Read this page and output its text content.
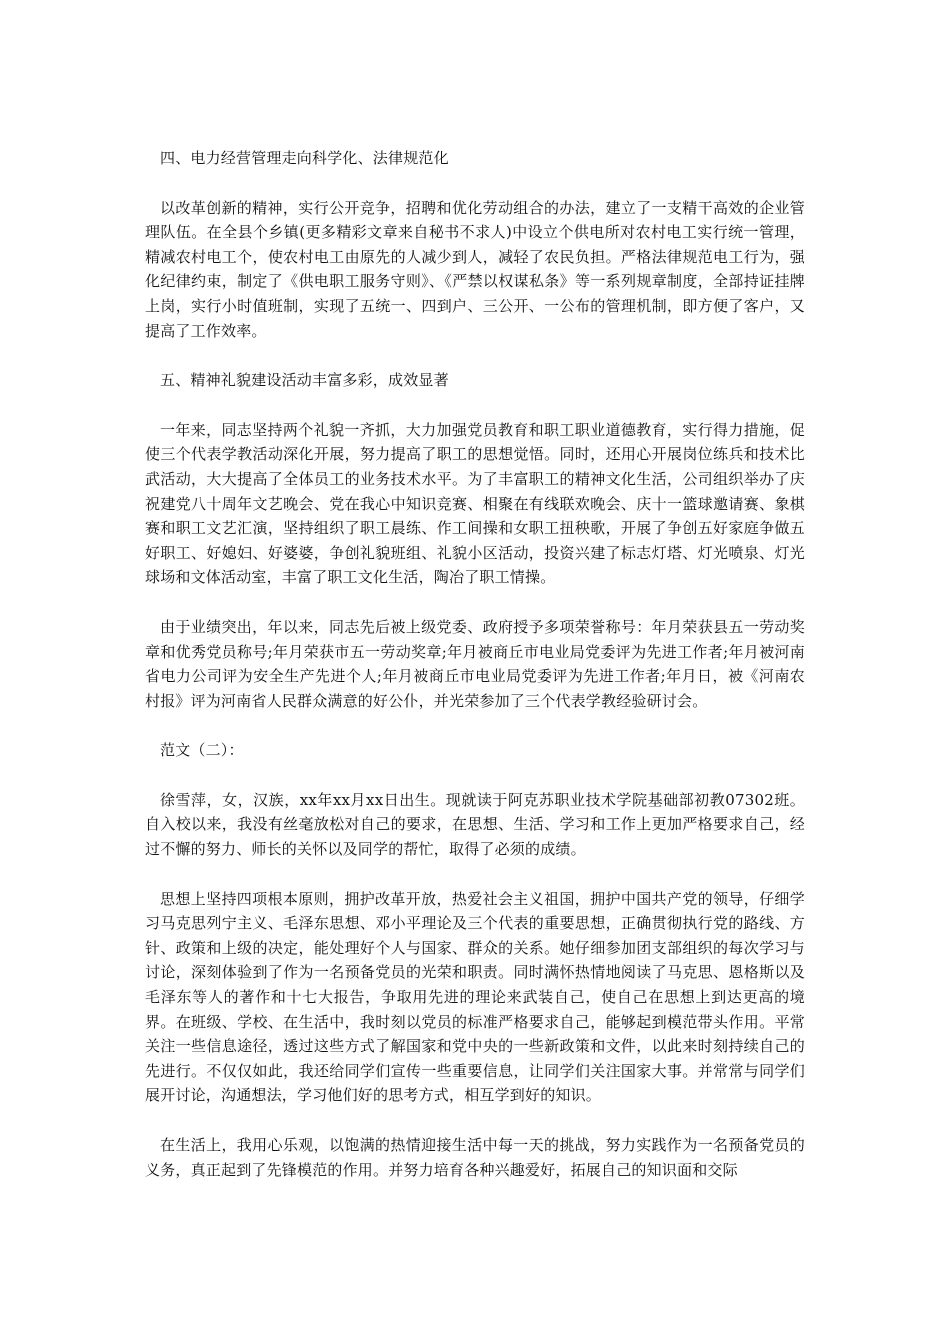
四、电力经营管理走向科学化、法律规范化

以改革创新的精神，实行公开竞争，招聘和优化劳动组合的办法，建立了一支精干高效的企业管理队伍。在全县个乡镇(更多精彩文章来自秘书不求人)中设立个供电所对农村电工实行统一管理，精减农村电工个，使农村电工由原先的人减少到人，减轻了农民负担。严格法律规范电工行为，强化纪律约束，制定了《供电职工服务守则》、《严禁以权谋私条》等一系列规章制度，全部持证挂牌上岗，实行小时值班制，实现了五统一、四到户、三公开、一公布的管理机制，即方便了客户，又提高了工作效率。

五、精神礼貌建设活动丰富多彩，成效显著

一年来，同志坚持两个礼貌一齐抓，大力加强党员教育和职工职业道德教育，实行得力措施，促使三个代表学教活动深化开展，努力提高了职工的思想觉悟。同时，还用心开展岗位练兵和技术比武活动，大大提高了全体员工的业务技术水平。为了丰富职工的精神文化生活，公司组织举办了庆祝建党八十周年文艺晚会、党在我心中知识竞赛、相聚在有线联欢晚会、庆十一篮球邀请赛、象棋赛和职工文艺汇演，坚持组织了职工晨练、作工间操和女职工扭秧歌，开展了争创五好家庭争做五好职工、好媳妇、好婆婆，争创礼貌班组、礼貌小区活动，投资兴建了标志灯塔、灯光喷泉、灯光球场和文体活动室，丰富了职工文化生活，陶冶了职工情操。

由于业绩突出，年以来，同志先后被上级党委、政府授予多项荣誉称号：年月荣获县五一劳动奖章和优秀党员称号;年月荣获市五一劳动奖章;年月被商丘市电业局党委评为先进工作者;年月被河南省电力公司评为安全生产先进个人;年月被商丘市电业局党委评为先进工作者;年月日，被《河南农村报》评为河南省人民群众满意的好公仆，并光荣参加了三个代表学教经验研讨会。

范文（二）：

徐雪萍，女，汉族，xx年xx月xx日出生。现就读于阿克苏职业技术学院基础部初教07302班。自入校以来，我没有丝毫放松对自己的要求，在思想、生活、学习和工作上更加严格要求自己，经过不懈的努力、师长的关怀以及同学的帮忙，取得了必须的成绩。

思想上坚持四项根本原则，拥护改革开放，热爱社会主义祖国，拥护中国共产党的领导，仔细学习马克思列宁主义、毛泽东思想、邓小平理论及三个代表的重要思想，正确贯彻执行党的路线、方针、政策和上级的决定，能处理好个人与国家、群众的关系。她仔细参加团支部组织的每次学习与讨论，深刻体验到了作为一名预备党员的光荣和职责。同时满怀热情地阅读了马克思、恩格斯以及毛泽东等人的著作和十七大报告，争取用先进的理论来武装自己，使自己在思想上到达更高的境界。在班级、学校、在生活中，我时刻以党员的标准严格要求自己，能够起到模范带头作用。平常关注一些信息途径，透过这些方式了解国家和党中央的一些新政策和文件，以此来时刻持续自己的先进行。不仅仅如此，我还给同学们宣传一些重要信息，让同学们关注国家大事。并常常与同学们展开讨论，沟通想法，学习他们好的思考方式，相互学到好的知识。

在生活上，我用心乐观，以饱满的热情迎接生活中每一天的挑战，努力实践作为一名预备党员的义务，真正起到了先锋模范的作用。并努力培育各种兴趣爱好，拓展自己的知识面和交际
